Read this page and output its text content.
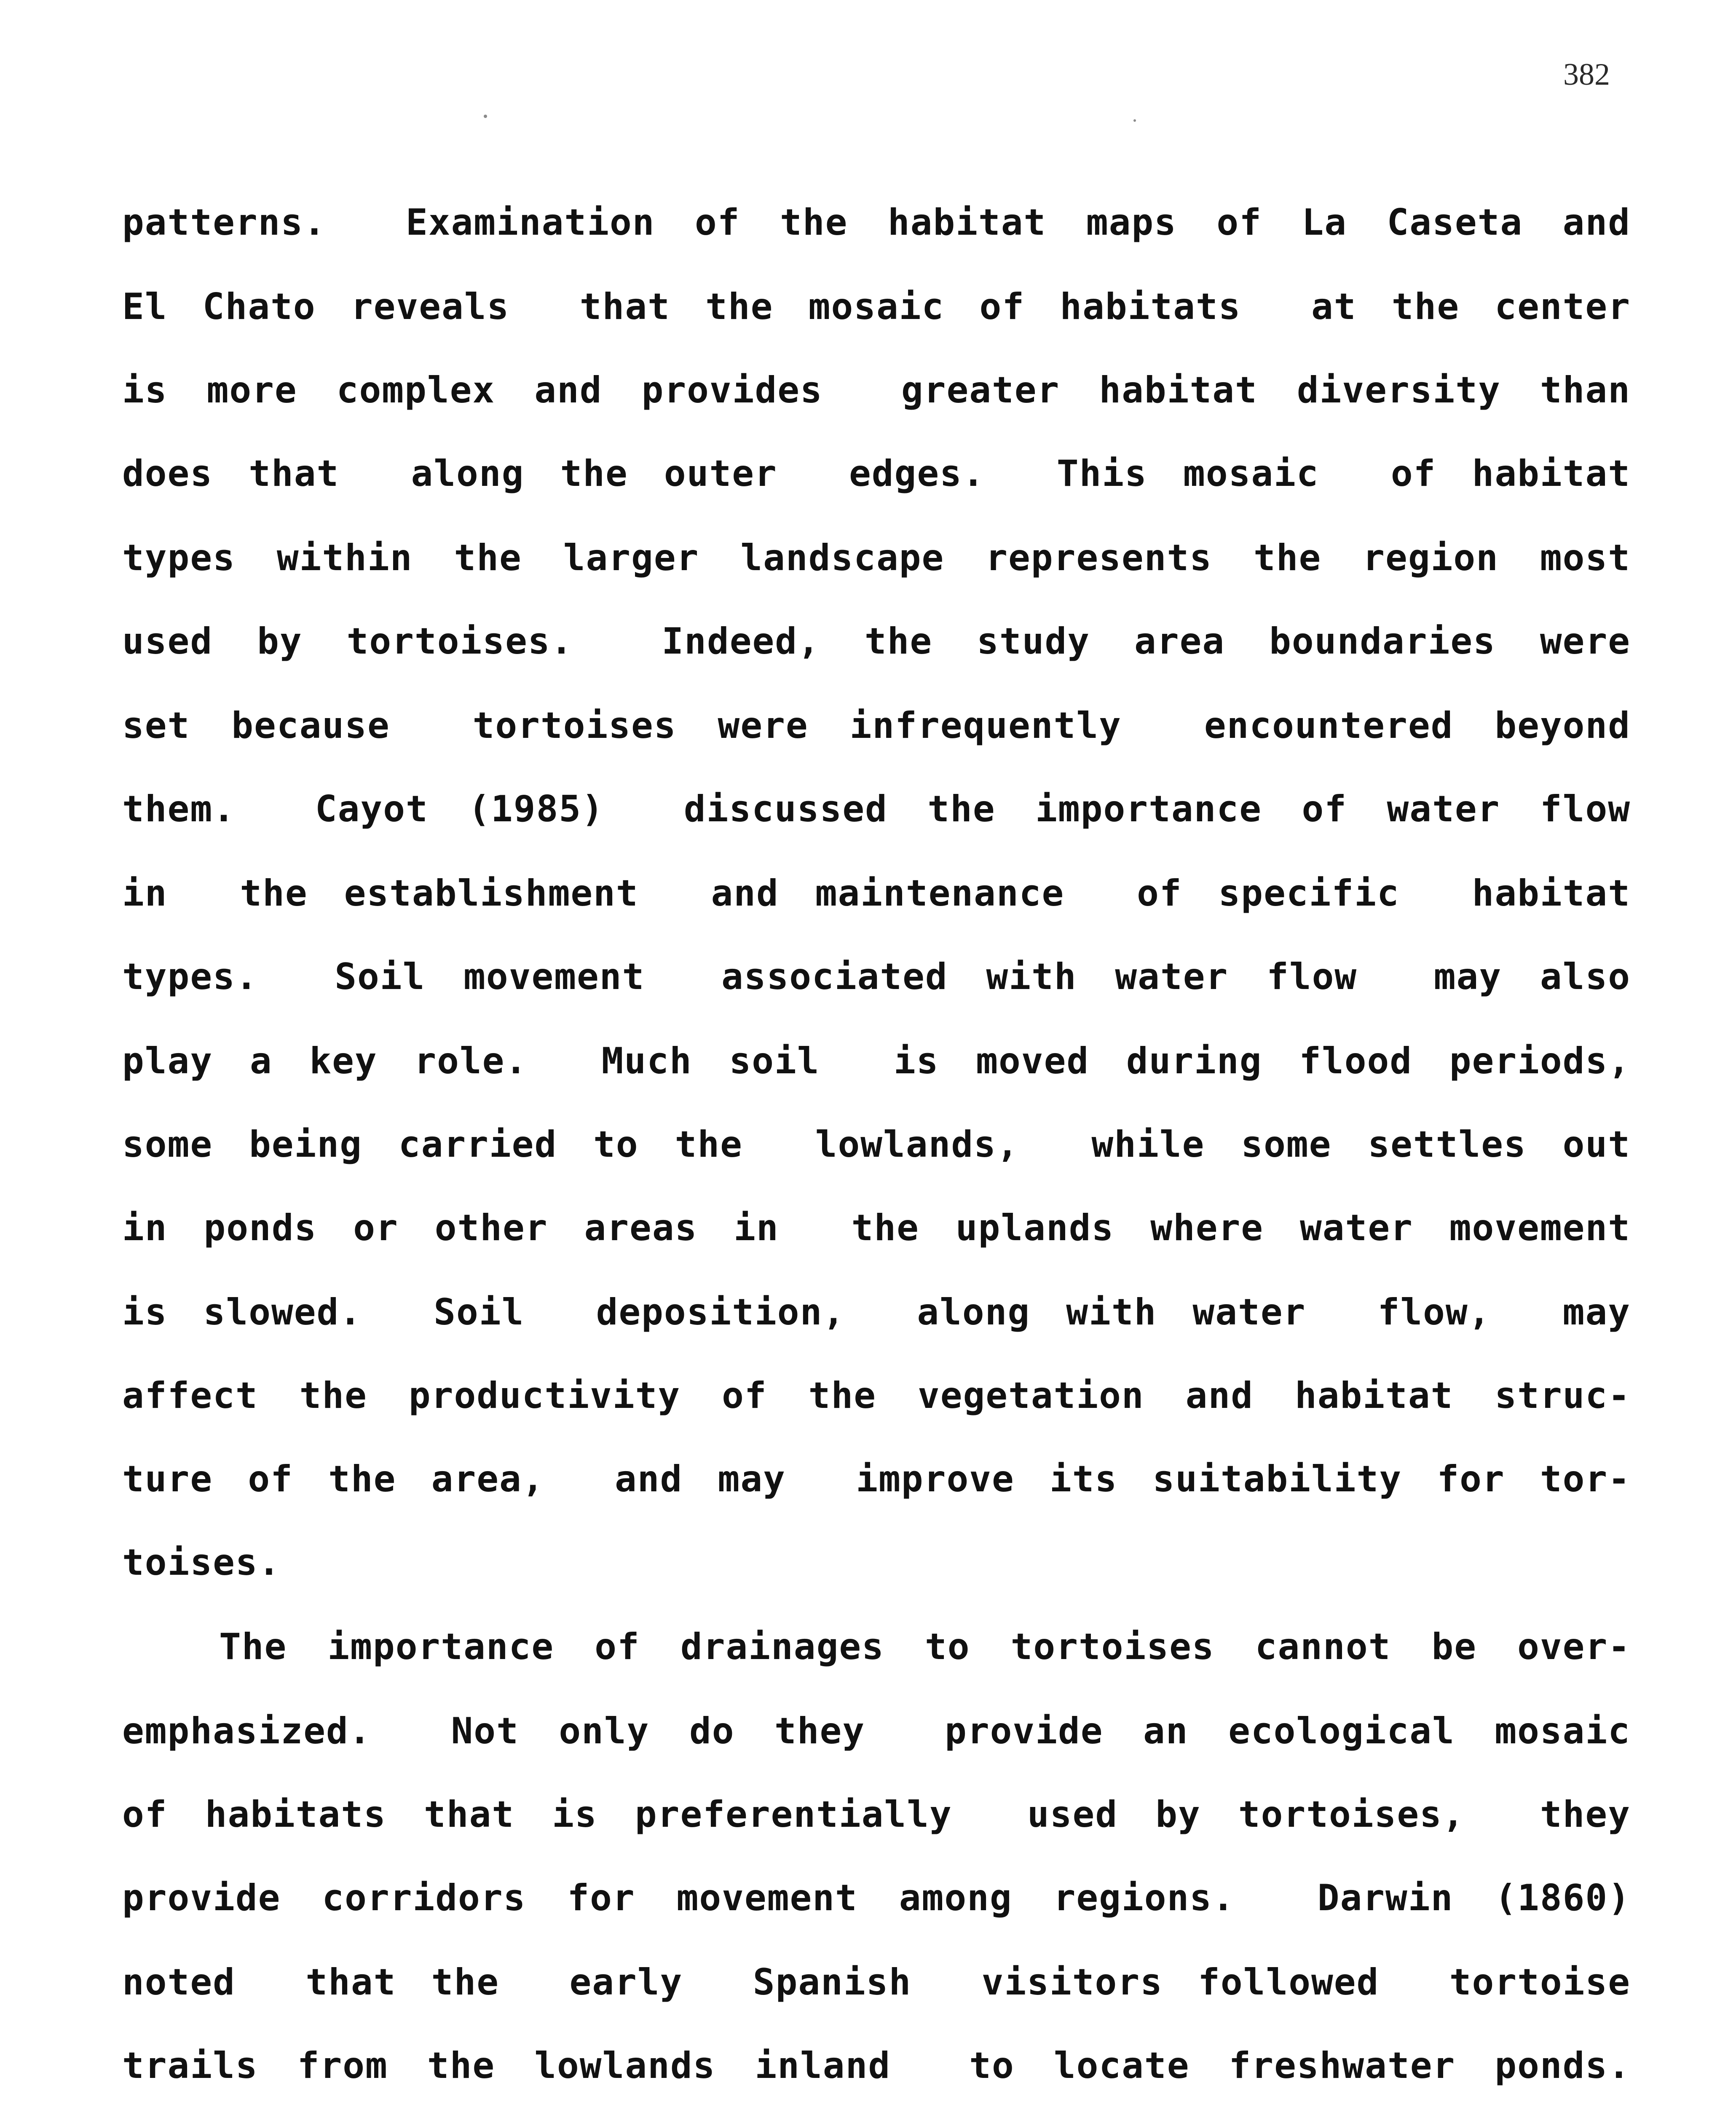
382
patterns.  Examination of the habitat maps of La Caseta and
El Chato reveals  that the mosaic of habitats  at the center
is more complex and provides  greater habitat diversity than
does that  along the outer  edges.  This mosaic  of habitat
types within the larger landscape represents the region most
used by tortoises.  Indeed, the study area boundaries were
set because  tortoises were infrequently  encountered beyond
them.  Cayot (1985)  discussed the importance of water flow
in  the establishment  and maintenance  of specific  habitat
types.  Soil movement  associated with water flow  may also
play a key role.  Much soil  is moved during flood periods,
some being carried to the  lowlands,  while some settles out
in ponds or other areas in  the uplands where water movement
is slowed.  Soil  deposition,  along with water  flow,  may
affect the productivity of the vegetation and habitat struc-
ture of the area,  and may  improve its suitability for tor-
toises.
The importance of drainages to tortoises cannot be over-
emphasized.  Not only do they  provide an ecological mosaic
of habitats that is preferentially  used by tortoises,  they
provide corridors for movement among regions.  Darwin (1860)
noted  that the  early  Spanish  visitors followed  tortoise
trails from the lowlands inland  to locate freshwater ponds.
